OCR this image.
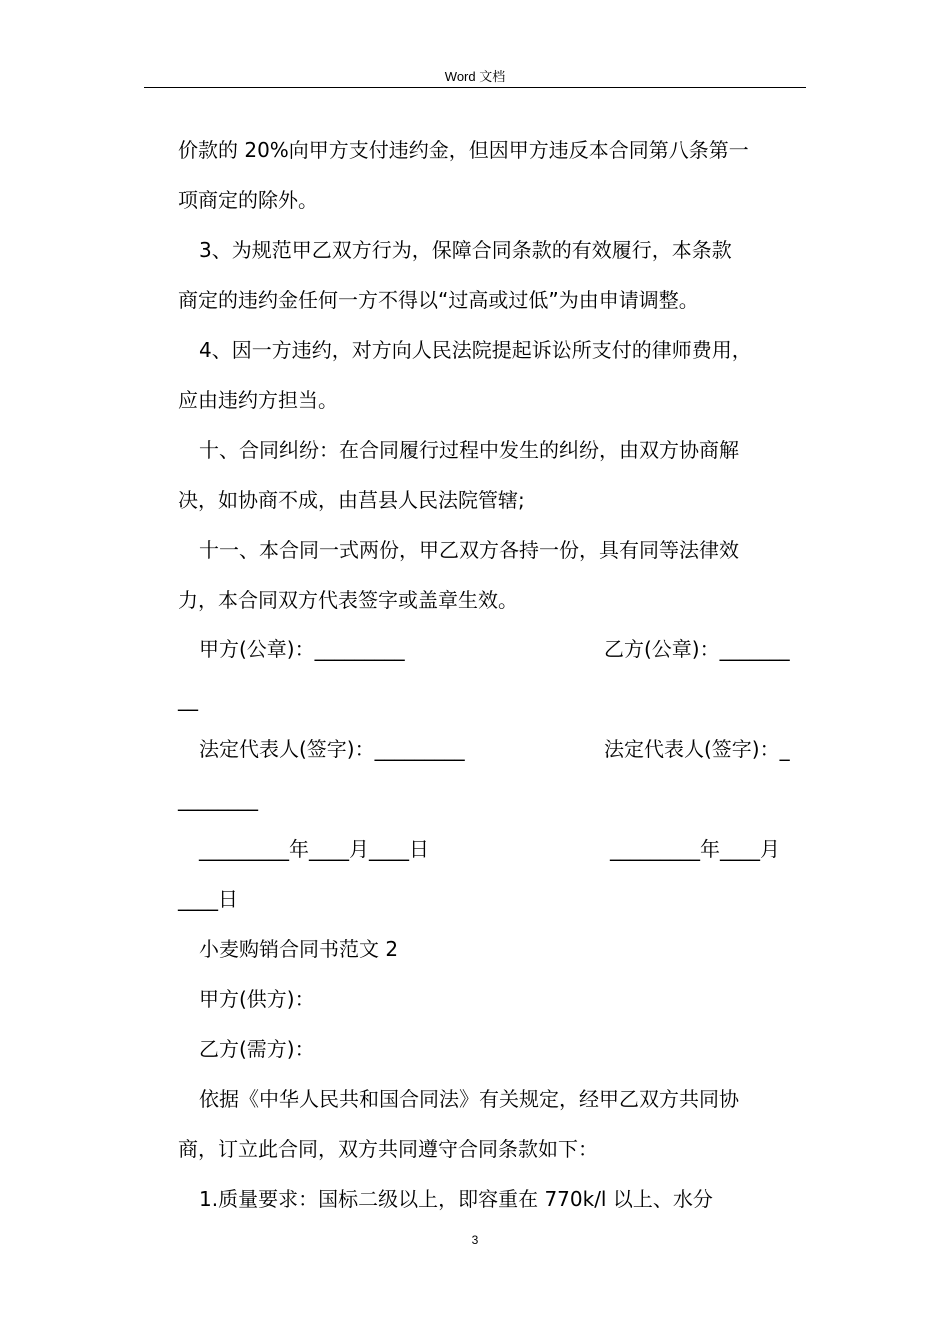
Word 文档
价款的 20%向甲方支付违约金，但因甲方违反本合同第八条第一
项商定的除外。
3、为规范甲乙双方行为，保障合同条款的有效履行，本条款
商定的违约金任何一方不得以“过高或过低”为由申请调整。
4、因一方违约，对方向人民法院提起诉讼所支付的律师费用，
应由违约方担当。
十、合同纠纷：在合同履行过程中发生的纠纷，由双方协商解
决，如协商不成，由莒县人民法院管辖;
十一、本合同一式两份，甲乙双方各持一份，具有同等法律效
力，本合同双方代表签字或盖章生效。
甲方(公章)：_________	乙方(公章)：_______
__
法定代表人(签字)：_________	法定代表人(签字)：_
________
_________年____月____日	_________年____月
____日
小麦购销合同书范文 2
甲方(供方)：
乙方(需方)：
依据《中华人民共和国合同法》有关规定，经甲乙双方共同协
商，订立此合同，双方共同遵守合同条款如下：
1.质量要求：国标二级以上，即容重在 770k/l 以上、水分
3
